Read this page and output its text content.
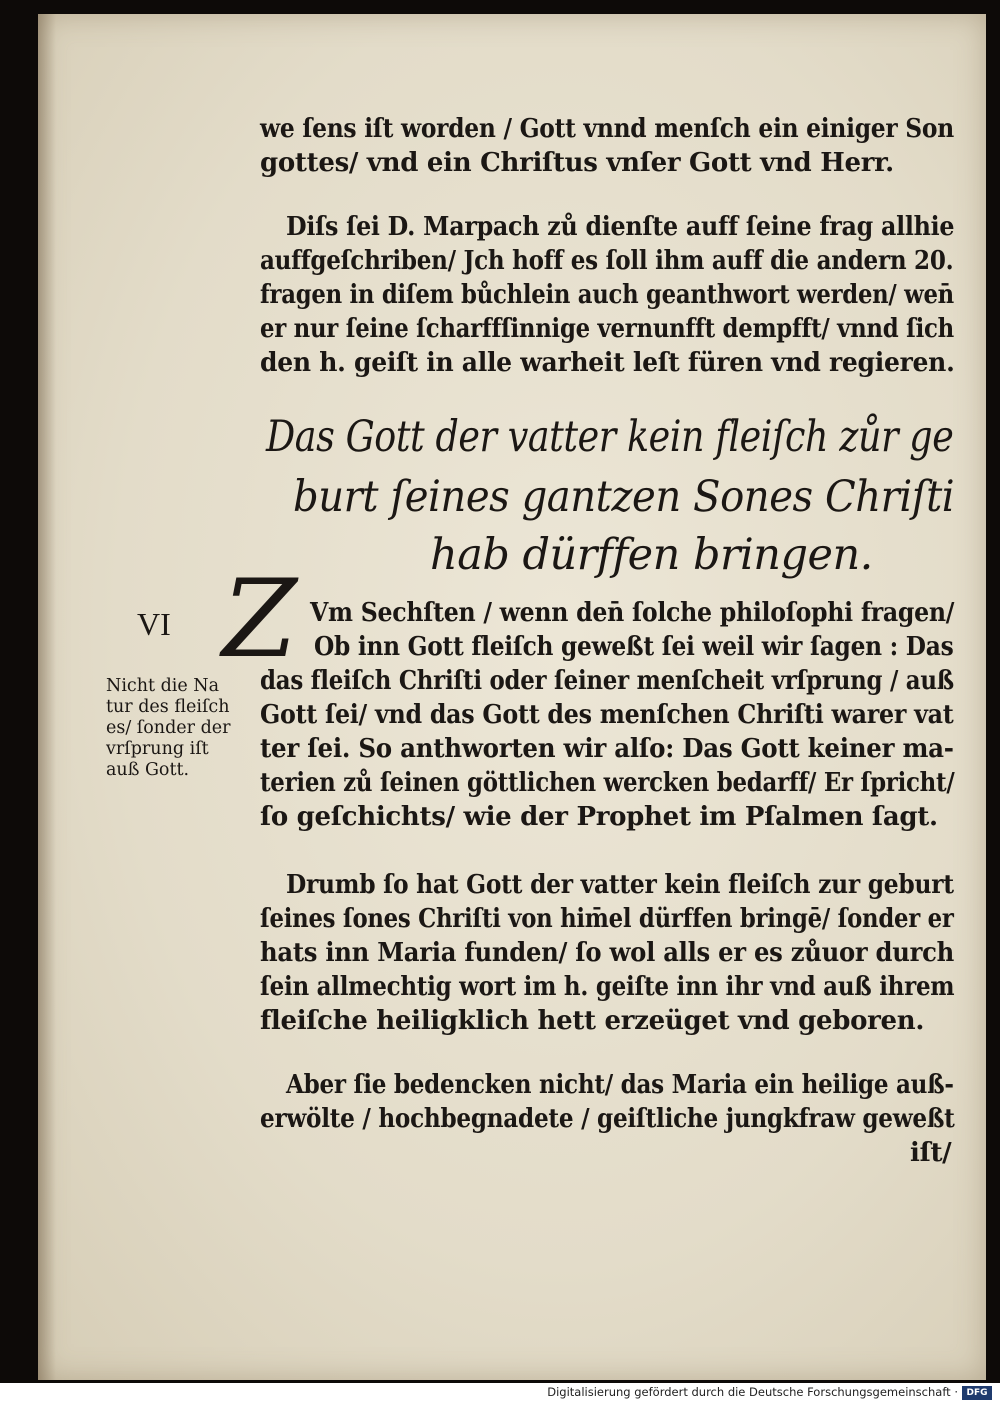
we ſens iſt worden / Gott vnnd menſch ein einiger Son
gottes/ vnd ein Chriſtus vnſer Gott vnd Herr.
Diſs ſei D. Marpach zů dienſte auff ſeine frag allhie
auffgeſchriben/ Jch hoff es ſoll ihm auff die andern 20.
fragen in diſem bůchlein auch geanthwort werden/ wen̄
er nur ſeine ſcharffſinnige vernunfft dempfft/ vnnd ſich
den h. geiſt in alle warheit leſt füren vnd regieren.
Das Gott der vatter kein fleiſch zůr ge
burt ſeines gantzen Sones Chriſti
hab dürffen bringen.
VI Z Vm Sechſten / wenn den̄ ſolche philoſophi fragen/
Ob inn Gott fleiſch geweßt ſei weil wir ſagen : Das
das fleiſch Chriſti oder ſeiner menſcheit vrſprung / auß
Gott ſei/ vnd das Gott des menſchen Chriſti warer vat
ter ſei. So anthworten wir alſo: Das Gott keiner ma-
terien zů ſeinen göttlichen wercken bedarff/ Er ſpricht/
ſo geſchichts/ wie der Prophet im Pſalmen ſagt.
Nicht die Na
tur des fleiſch
es/ ſonder der
vrſprung iſt
auß Gott.
Drumb ſo hat Gott der vatter kein fleiſch zur geburt
ſeines ſones Chriſti von him̄el dürffen bringē/ ſonder er
hats inn Maria funden/ ſo wol alls er es zůuor durch
ſein allmechtig wort im h. geiſte inn ihr vnd auß ihrem
fleiſche heiligklich hett erzeüget vnd geboren.
Aber ſie bedencken nicht/ das Maria ein heilige auß-
erwölte / hochbegnadete / geiſtliche jungkfraw geweßt
iſt/
Digitalisierung gefördert durch die Deutsche Forschungsgemeinschaft · DFG
